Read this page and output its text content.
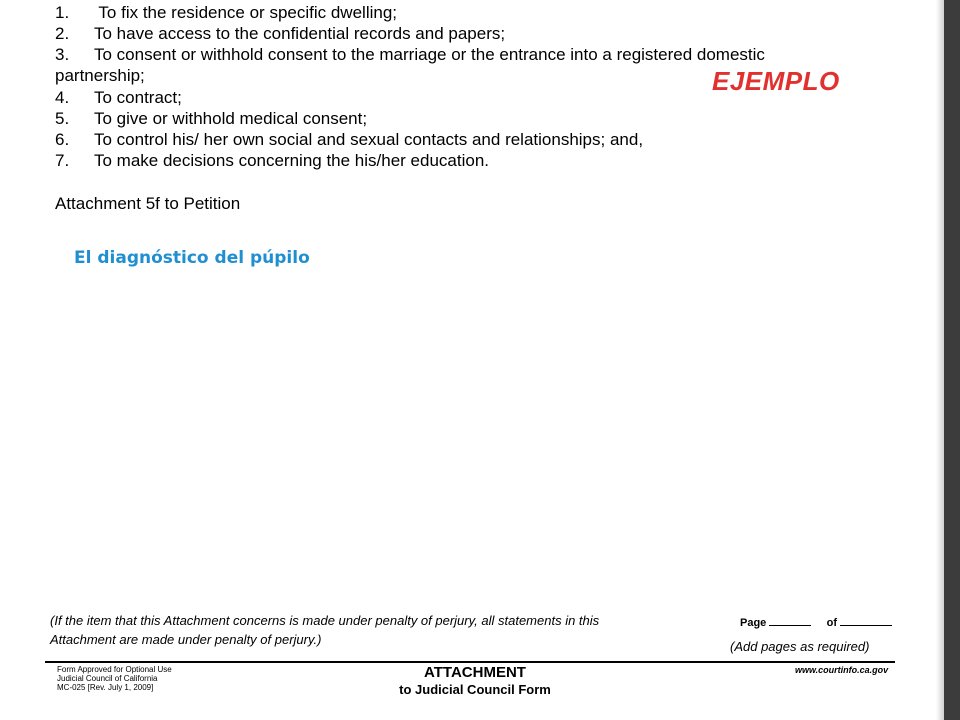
1. To fix the residence or specific dwelling;
2. To have access to the confidential records and papers;
3. To consent or withhold consent to the marriage or the entrance into a registered domestic
partnership;
4. To contract;
5. To give or withhold medical consent;
6. To control his/ her own social and sexual contacts and relationships; and,
7. To make decisions concerning the his/her education.
EJEMPLO
Attachment 5f to Petition
El diagnóstico del púpilo
(If the item that this Attachment concerns is made under penalty of perjury, all statements in this
Attachment are made under penalty of perjury.)
Page	of
(Add pages as required)
Form Approved for Optional Use
Judicial Council of California
MC-025 [Rev. July 1, 2009]
ATTACHMENT
to Judicial Council Form
www.courtinfo.ca.gov
